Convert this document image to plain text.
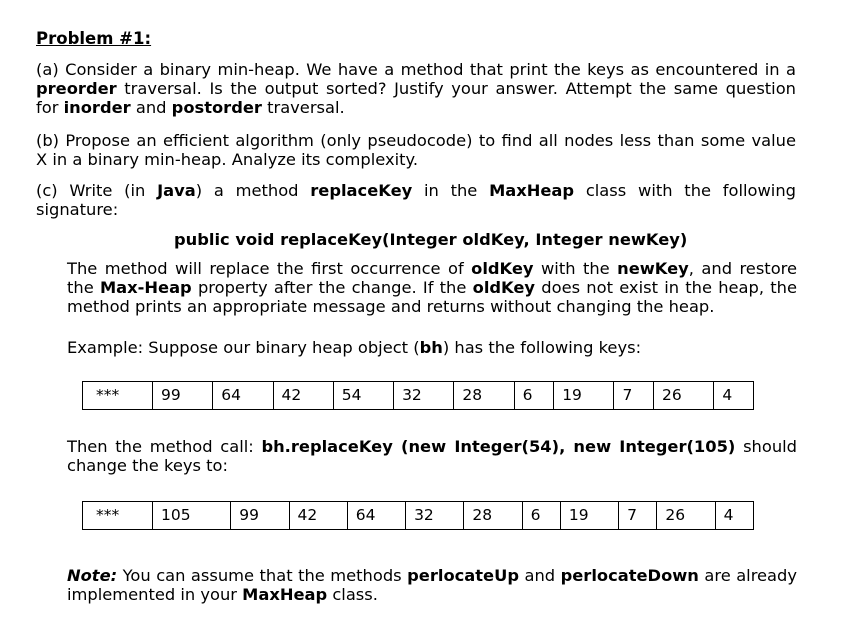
Problem #1:
(a) Consider a binary min-heap. We have a method that print the keys as encountered in a
preorder traversal. Is the output sorted? Justify your answer. Attempt the same question
for inorder and postorder traversal.
(b) Propose an efficient algorithm (only pseudocode) to find all nodes less than some value
X in a binary min-heap. Analyze its complexity.
(c) Write (in Java) a method replaceKey in the MaxHeap class with the following
signature:
public void replaceKey(Integer oldKey, Integer newKey)
The method will replace the first occurrence of oldKey with the newKey, and restore
the Max-Heap property after the change. If the oldKey does not exist in the heap, the
method prints an appropriate message and returns without changing the heap.
Example: Suppose our binary heap object (bh) has the following keys:
***	99	64	42	54	32	28	6	19	7	26	4
Then the method call: bh.replaceKey (new Integer(54), new Integer(105) should
change the keys to:
***	105	99	42	64	32	28	6	19	7	26	4
Note: You can assume that the methods perlocateUp and perlocateDown are already
implemented in your MaxHeap class.
